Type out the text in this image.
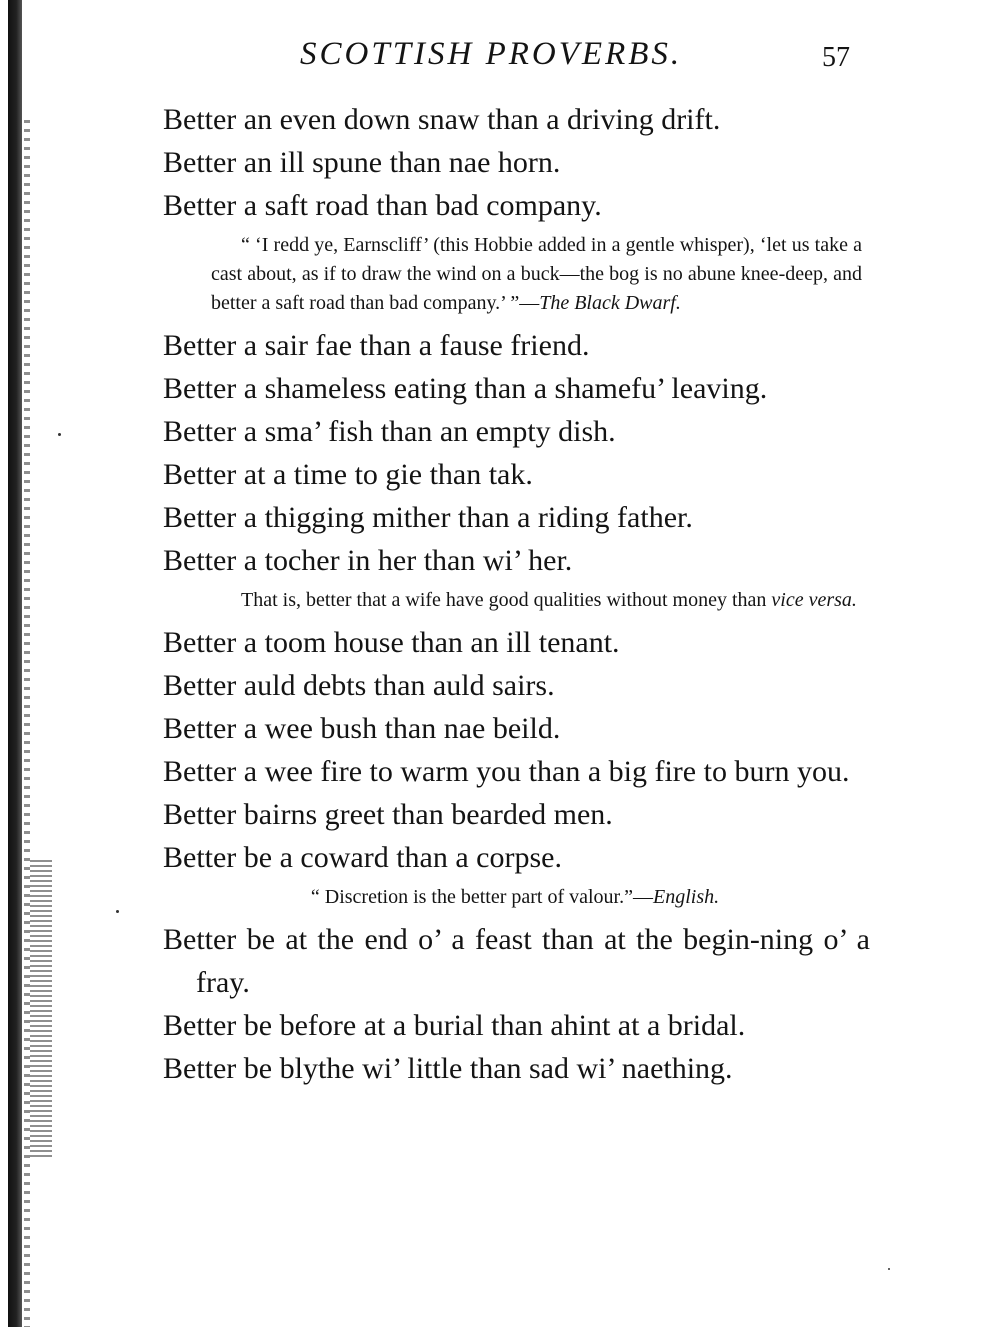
SCOTTISH PROVERBS.	57

Better an even down snaw than a driving drift.

Better an ill spune than nae horn.

Better a saft road than bad company.

“ ‘I redd ye, Earnscliff’ (this Hobbie added in a gentle whisper), ‘let us take a cast about, as if to draw the wind on a buck—the bog is no abune knee-deep, and better a saft road than bad company.’ ”—The Black Dwarf.

Better a sair fae than a fause friend.

Better a shameless eating than a shamefu’ leaving.

Better a sma’ fish than an empty dish.

Better at a time to gie than tak.

Better a thigging mither than a riding father.

Better a tocher in her than wi’ her.

That is, better that a wife have good qualities without money than vice versa.

Better a toom house than an ill tenant.

Better auld debts than auld sairs.

Better a wee bush than nae beild.

Better a wee fire to warm you than a big fire to burn you.

Better bairns greet than bearded men.

Better be a coward than a corpse.

“ Discretion is the better part of valour.”—English.

Better be at the end o’ a feast than at the begin-ning o’ a fray.

Better be before at a burial than ahint at a bridal.

Better be blythe wi’ little than sad wi’ naething.
